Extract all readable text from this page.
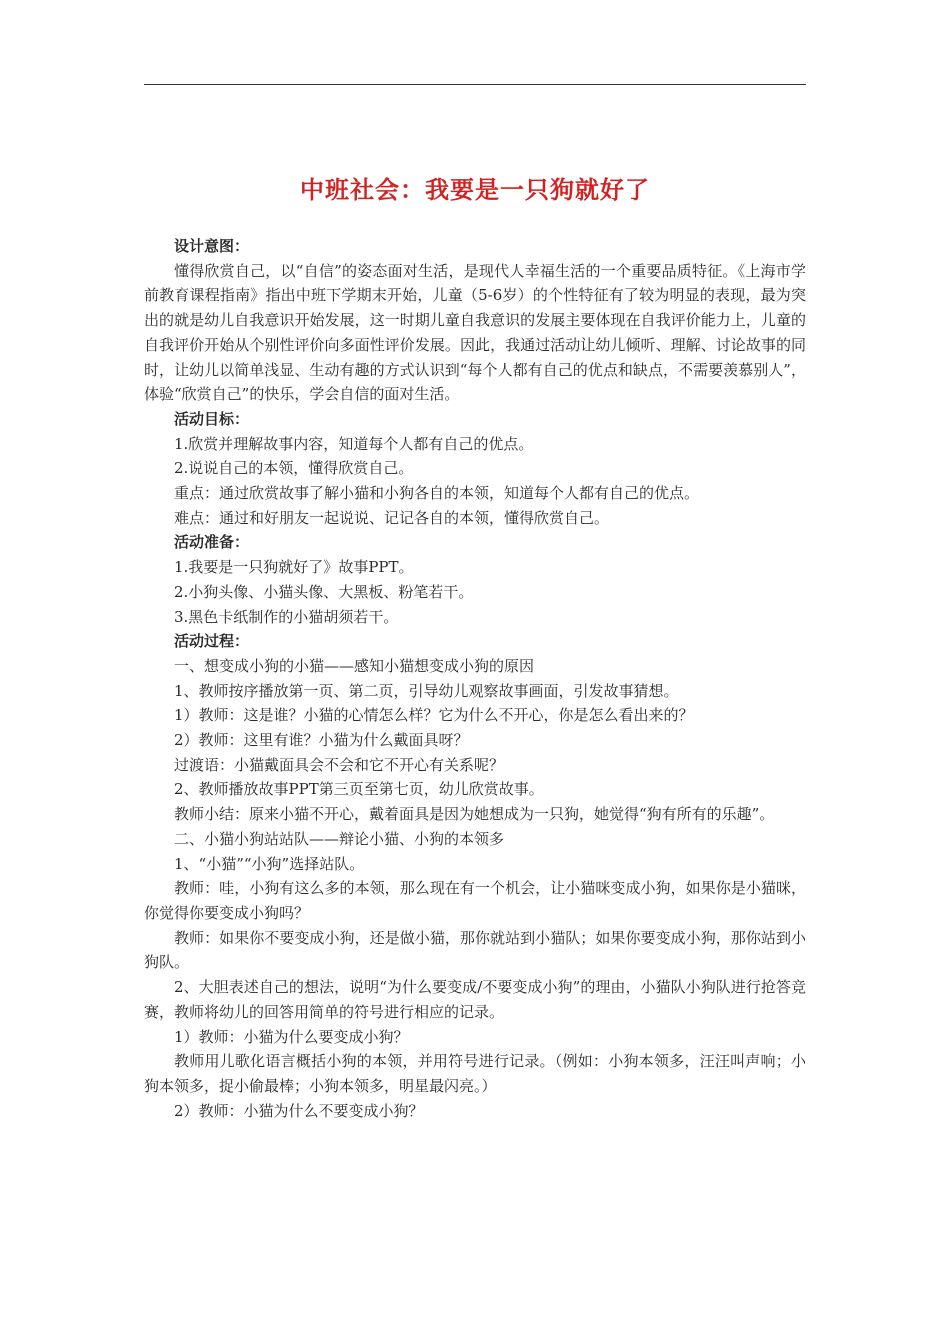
中班社会：我要是一只狗就好了

设计意图：

懂得欣赏自己，以“自信”的姿态面对生活，是现代人幸福生活的一个重要品质特征。《上海市学前教育课程指南》指出中班下学期末开始，儿童（5-6岁）的个性特征有了较为明显的表现，最为突出的就是幼儿自我意识开始发展，这一时期儿童自我意识的发展主要体现在自我评价能力上，儿童的自我评价开始从个别性评价向多面性评价发展。因此，我通过活动让幼儿倾听、理解、讨论故事的同时，让幼儿以简单浅显、生动有趣的方式认识到“每个人都有自己的优点和缺点，不需要羡慕别人”，体验“欣赏自己”的快乐，学会自信的面对生活。

活动目标：

1.欣赏并理解故事内容，知道每个人都有自己的优点。

2.说说自己的本领，懂得欣赏自己。

重点：通过欣赏故事了解小猫和小狗各自的本领，知道每个人都有自己的优点。

难点：通过和好朋友一起说说、记记各自的本领，懂得欣赏自己。

活动准备：

1.我要是一只狗就好了》故事PPT。

2.小狗头像、小猫头像、大黑板、粉笔若干。

3.黑色卡纸制作的小猫胡须若干。

活动过程：

一、想变成小狗的小猫——感知小猫想变成小狗的原因

1、教师按序播放第一页、第二页，引导幼儿观察故事画面，引发故事猜想。

1）教师：这是谁？小猫的心情怎么样？它为什么不开心，你是怎么看出来的？

2）教师：这里有谁？小猫为什么戴面具呀？

过渡语：小猫戴面具会不会和它不开心有关系呢？

2、教师播放故事PPT第三页至第七页，幼儿欣赏故事。

教师小结：原来小猫不开心，戴着面具是因为她想成为一只狗，她觉得“狗有所有的乐趣”。

二、小猫小狗站站队——辩论小猫、小狗的本领多

1、“小猫”“小狗”选择站队。

教师：哇，小狗有这么多的本领，那么现在有一个机会，让小猫咪变成小狗，如果你是小猫咪，你觉得你要变成小狗吗？

教师：如果你不要变成小狗，还是做小猫，那你就站到小猫队；如果你要变成小狗，那你站到小狗队。

2、大胆表述自己的想法，说明“为什么要变成/不要变成小狗”的理由，小猫队小狗队进行抢答竞赛，教师将幼儿的回答用简单的符号进行相应的记录。

1）教师：小猫为什么要变成小狗？

教师用儿歌化语言概括小狗的本领，并用符号进行记录。（例如：小狗本领多，汪汪叫声响；小狗本领多，捉小偷最棒；小狗本领多，明星最闪亮。）

2）教师：小猫为什么不要变成小狗？
